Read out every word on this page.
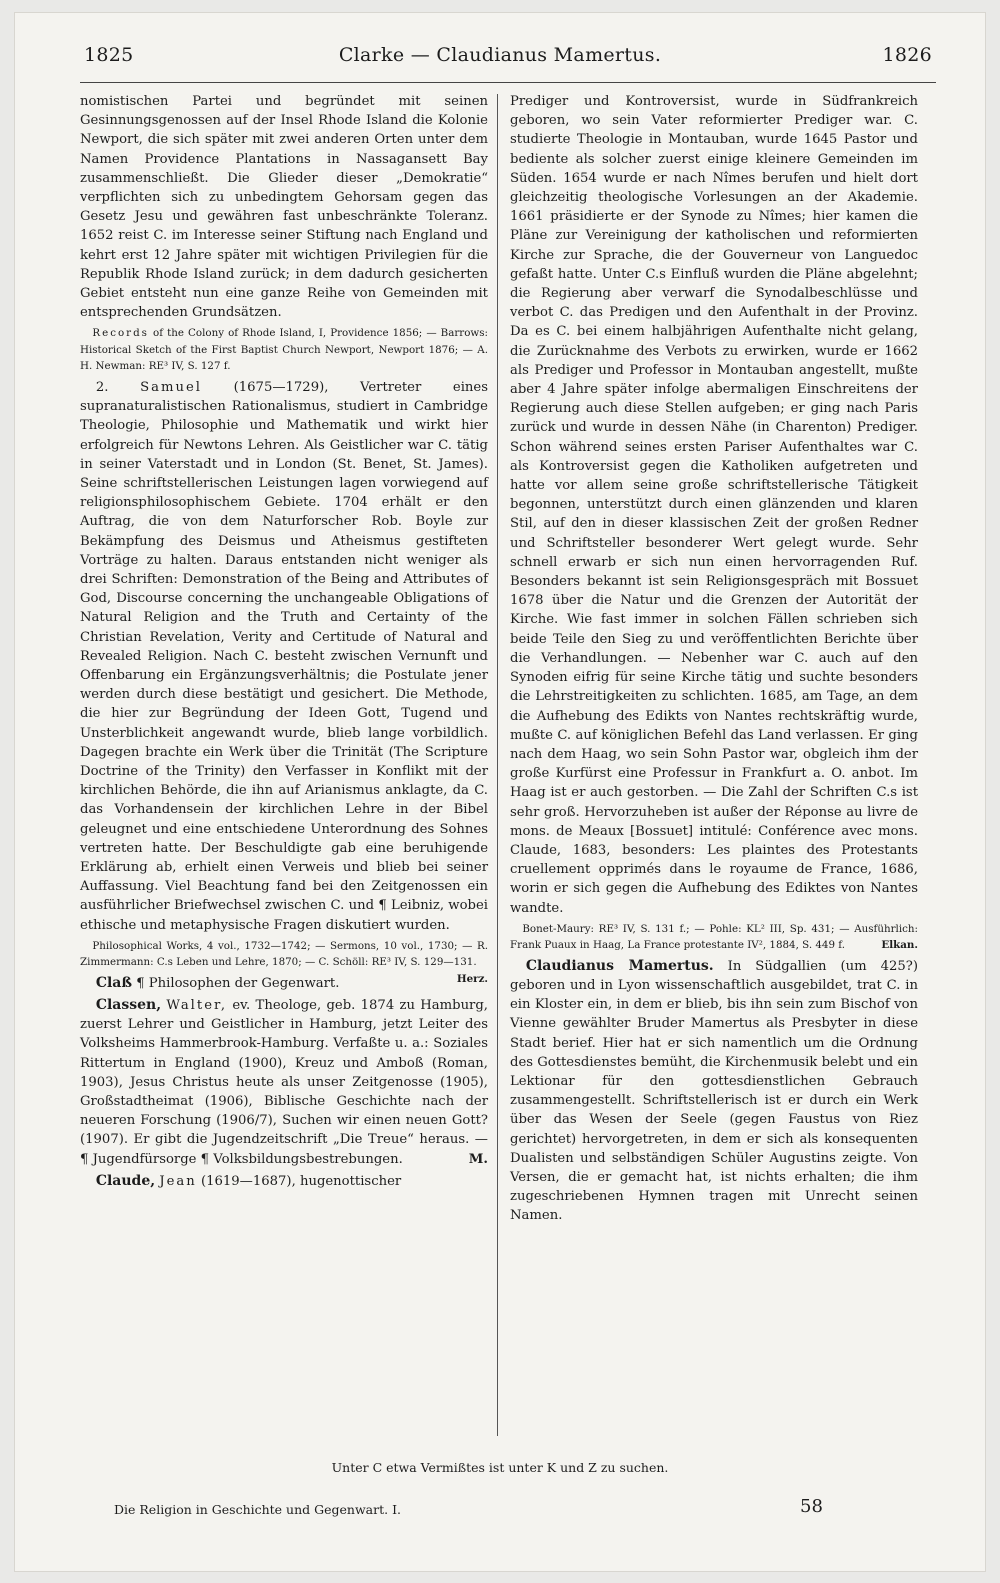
1825	Clarke — Claudianus Mamertus.	1826

nomistischen Partei und begründet mit seinen Gesinnungsgenossen auf der Insel Rhode Island die Kolonie Newport, die sich später mit zwei anderen Orten unter dem Namen Providence Plantations in Nassagansett Bay zusammenschließt. Die Glieder dieser „Demokratie“ verpflichten sich zu unbedingtem Gehorsam gegen das Gesetz Jesu und gewähren fast unbeschränkte Toleranz. 1652 reist C. im Interesse seiner Stiftung nach England und kehrt erst 12 Jahre später mit wichtigen Privilegien für die Republik Rhode Island zurück; in dem dadurch gesicherten Gebiet entsteht nun eine ganze Reihe von Gemeinden mit entsprechenden Grundsätzen.

Records of the Colony of Rhode Island, I, Providence 1856; — Barrows: Historical Sketch of the First Baptist Church Newport, Newport 1876; — A. H. Newman: RE³ IV, S. 127 f.

2. Samuel (1675—1729), Vertreter eines supranaturalistischen Rationalismus, studiert in Cambridge Theologie, Philosophie und Mathematik und wirkt hier erfolgreich für Newtons Lehren. Als Geistlicher war C. tätig in seiner Vaterstadt und in London (St. Benet, St. James). Seine schriftstellerischen Leistungen lagen vorwiegend auf religionsphilosophischem Gebiete. 1704 erhält er den Auftrag, die von dem Naturforscher Rob. Boyle zur Bekämpfung des Deismus und Atheismus gestifteten Vorträge zu halten. Daraus entstanden nicht weniger als drei Schriften: Demonstration of the Being and Attributes of God, Discourse concerning the unchangeable Obligations of Natural Religion and the Truth and Certainty of the Christian Revelation, Verity and Certitude of Natural and Revealed Religion. Nach C. besteht zwischen Vernunft und Offenbarung ein Ergänzungsverhältnis; die Postulate jener werden durch diese bestätigt und gesichert. Die Methode, die hier zur Begründung der Ideen Gott, Tugend und Unsterblichkeit angewandt wurde, blieb lange vorbildlich. Dagegen brachte ein Werk über die Trinität (The Scripture Doctrine of the Trinity) den Verfasser in Konflikt mit der kirchlichen Behörde, die ihn auf Arianismus anklagte, da C. das Vorhandensein der kirchlichen Lehre in der Bibel geleugnet und eine entschiedene Unterordnung des Sohnes vertreten hatte. Der Beschuldigte gab eine beruhigende Erklärung ab, erhielt einen Verweis und blieb bei seiner Auffassung. Viel Beachtung fand bei den Zeitgenossen ein ausführlicher Briefwechsel zwischen C. und ¶ Leibniz, wobei ethische und metaphysische Fragen diskutiert wurden.

Philosophical Works, 4 vol., 1732—1742; — Sermons, 10 vol., 1730; — R. Zimmermann: C.s Leben und Lehre, 1870; — C. Schöll: RE³ IV, S. 129—131.
Herz.

Claß ¶ Philosophen der Gegenwart.

Classen, Walter, ev. Theologe, geb. 1874 zu Hamburg, zuerst Lehrer und Geistlicher in Hamburg, jetzt Leiter des Volksheims Hammerbrook-Hamburg. Verfaßte u. a.: Soziales Rittertum in England (1900), Kreuz und Amboß (Roman, 1903), Jesus Christus heute als unser Zeitgenosse (1905), Großstadtheimat (1906), Biblische Geschichte nach der neueren Forschung (1906/7), Suchen wir einen neuen Gott? (1907). Er gibt die Jugendzeitschrift „Die Treue“ heraus. — ¶ Jugendfürsorge ¶ Volksbildungsbestrebungen.	M.

Claude, Jean (1619—1687), hugenottischer

Prediger und Kontroversist, wurde in Südfrankreich geboren, wo sein Vater reformierter Prediger war. C. studierte Theologie in Montauban, wurde 1645 Pastor und bediente als solcher zuerst einige kleinere Gemeinden im Süden. 1654 wurde er nach Nîmes berufen und hielt dort gleichzeitig theologische Vorlesungen an der Akademie. 1661 präsidierte er der Synode zu Nîmes; hier kamen die Pläne zur Vereinigung der katholischen und reformierten Kirche zur Sprache, die der Gouverneur von Languedoc gefaßt hatte. Unter C.s Einfluß wurden die Pläne abgelehnt; die Regierung aber verwarf die Synodalbeschlüsse und verbot C. das Predigen und den Aufenthalt in der Provinz. Da es C. bei einem halbjährigen Aufenthalte nicht gelang, die Zurücknahme des Verbots zu erwirken, wurde er 1662 als Prediger und Professor in Montauban angestellt, mußte aber 4 Jahre später infolge abermaligen Einschreitens der Regierung auch diese Stellen aufgeben; er ging nach Paris zurück und wurde in dessen Nähe (in Charenton) Prediger. Schon während seines ersten Pariser Aufenthaltes war C. als Kontroversist gegen die Katholiken aufgetreten und hatte vor allem seine große schriftstellerische Tätigkeit begonnen, unterstützt durch einen glänzenden und klaren Stil, auf den in dieser klassischen Zeit der großen Redner und Schriftsteller besonderer Wert gelegt wurde. Sehr schnell erwarb er sich nun einen hervorragenden Ruf. Besonders bekannt ist sein Religionsgespräch mit Bossuet 1678 über die Natur und die Grenzen der Autorität der Kirche. Wie fast immer in solchen Fällen schrieben sich beide Teile den Sieg zu und veröffentlichten Berichte über die Verhandlungen. — Nebenher war C. auch auf den Synoden eifrig für seine Kirche tätig und suchte besonders die Lehrstreitigkeiten zu schlichten. 1685, am Tage, an dem die Aufhebung des Edikts von Nantes rechtskräftig wurde, mußte C. auf königlichen Befehl das Land verlassen. Er ging nach dem Haag, wo sein Sohn Pastor war, obgleich ihm der große Kurfürst eine Professur in Frankfurt a. O. anbot. Im Haag ist er auch gestorben. — Die Zahl der Schriften C.s ist sehr groß. Hervorzuheben ist außer der Réponse au livre de mons. de Meaux [Bossuet] intitulé: Conférence avec mons. Claude, 1683, besonders: Les plaintes des Protestants cruellement opprimés dans le royaume de France, 1686, worin er sich gegen die Aufhebung des Ediktes von Nantes wandte.

Bonet-Maury: RE³ IV, S. 131 f.; — Pohle: KL² III, Sp. 431; — Ausführlich: Frank Puaux in Haag, La France protestante IV², 1884, S. 449 f.	Elkan.

Claudianus Mamertus. In Südgallien (um 425?) geboren und in Lyon wissenschaftlich ausgebildet, trat C. in ein Kloster ein, in dem er blieb, bis ihn sein zum Bischof von Vienne gewählter Bruder Mamertus als Presbyter in diese Stadt berief. Hier hat er sich namentlich um die Ordnung des Gottesdienstes bemüht, die Kirchenmusik belebt und ein Lektionar für den gottesdienstlichen Gebrauch zusammengestellt. Schriftstellerisch ist er durch ein Werk über das Wesen der Seele (gegen Faustus von Riez gerichtet) hervorgetreten, in dem er sich als konsequenten Dualisten und selbständigen Schüler Augustins zeigte. Von Versen, die er gemacht hat, ist nichts erhalten; die ihm zugeschriebenen Hymnen tragen mit Unrecht seinen Namen.

Unter C etwa Vermißtes ist unter K und Z zu suchen.
Die Religion in Geschichte und Gegenwart. I.	58
